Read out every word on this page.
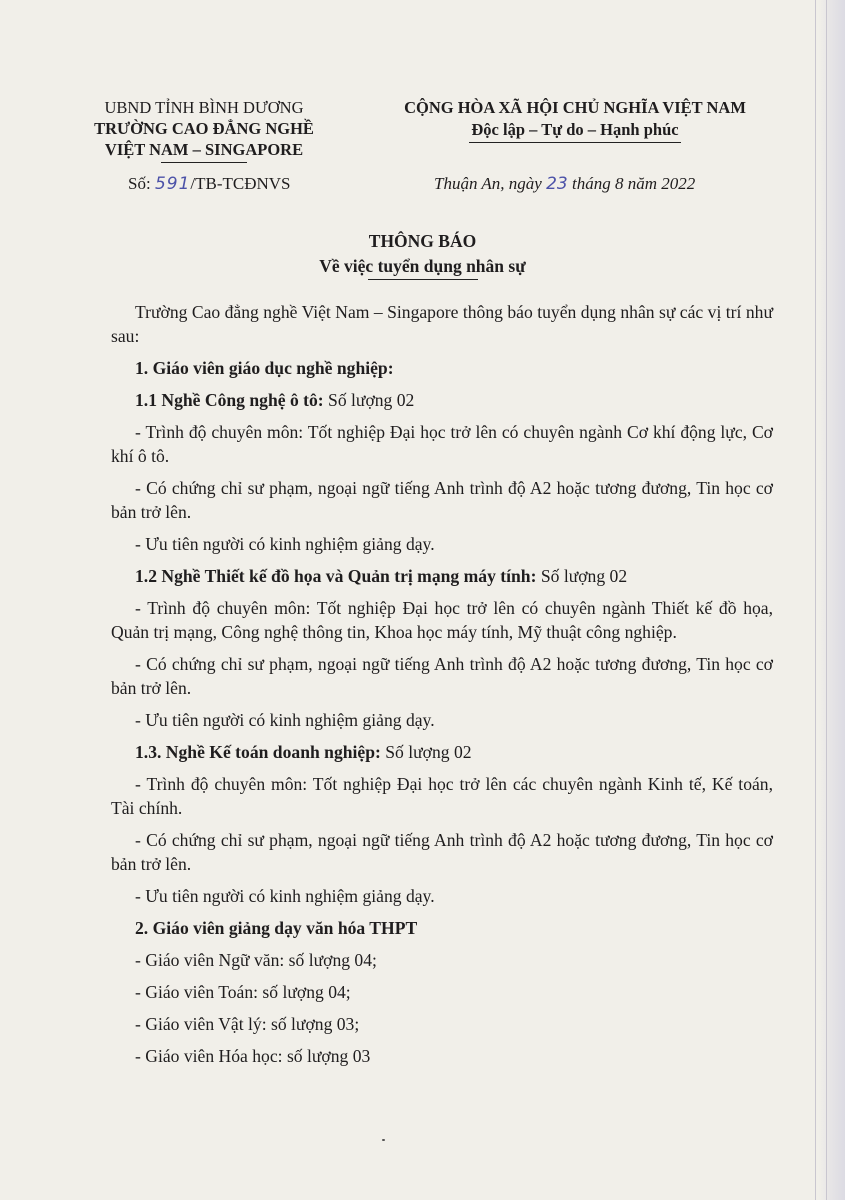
UBND TỈNH BÌNH DƯƠNG
TRƯỜNG CAO ĐẲNG NGHỀ
VIỆT NAM – SINGAPORE
Số: 591/TB-TCĐNVS
CỘNG HÒA XÃ HỘI CHỦ NGHĨA VIỆT NAM
Độc lập – Tự do – Hạnh phúc
Thuận An, ngày 23 tháng 8 năm 2022
THÔNG BÁO
Về việc tuyển dụng nhân sự

Trường Cao đẳng nghề Việt Nam – Singapore thông báo tuyển dụng nhân sự các vị trí như sau:

1. Giáo viên giáo dục nghề nghiệp:

1.1 Nghề Công nghệ ô tô: Số lượng 02

- Trình độ chuyên môn: Tốt nghiệp Đại học trở lên có chuyên ngành Cơ khí động lực, Cơ khí ô tô.

- Có chứng chỉ sư phạm, ngoại ngữ tiếng Anh trình độ A2 hoặc tương đương, Tin học cơ bản trở lên.

- Ưu tiên người có kinh nghiệm giảng dạy.

1.2 Nghề Thiết kế đồ họa và Quản trị mạng máy tính: Số lượng 02

- Trình độ chuyên môn: Tốt nghiệp Đại học trở lên có chuyên ngành Thiết kế đồ họa, Quản trị mạng, Công nghệ thông tin, Khoa học máy tính, Mỹ thuật công nghiệp.

- Có chứng chỉ sư phạm, ngoại ngữ tiếng Anh trình độ A2 hoặc tương đương, Tin học cơ bản trở lên.

- Ưu tiên người có kinh nghiệm giảng dạy.

1.3. Nghề Kế toán doanh nghiệp: Số lượng 02

- Trình độ chuyên môn: Tốt nghiệp Đại học trở lên các chuyên ngành Kinh tế, Kế toán, Tài chính.

- Có chứng chỉ sư phạm, ngoại ngữ tiếng Anh trình độ A2 hoặc tương đương, Tin học cơ bản trở lên.

- Ưu tiên người có kinh nghiệm giảng dạy.

2. Giáo viên giảng dạy văn hóa THPT

- Giáo viên Ngữ văn: số lượng 04;

- Giáo viên Toán: số lượng 04;

- Giáo viên Vật lý: số lượng 03;

- Giáo viên Hóa học: số lượng 03
